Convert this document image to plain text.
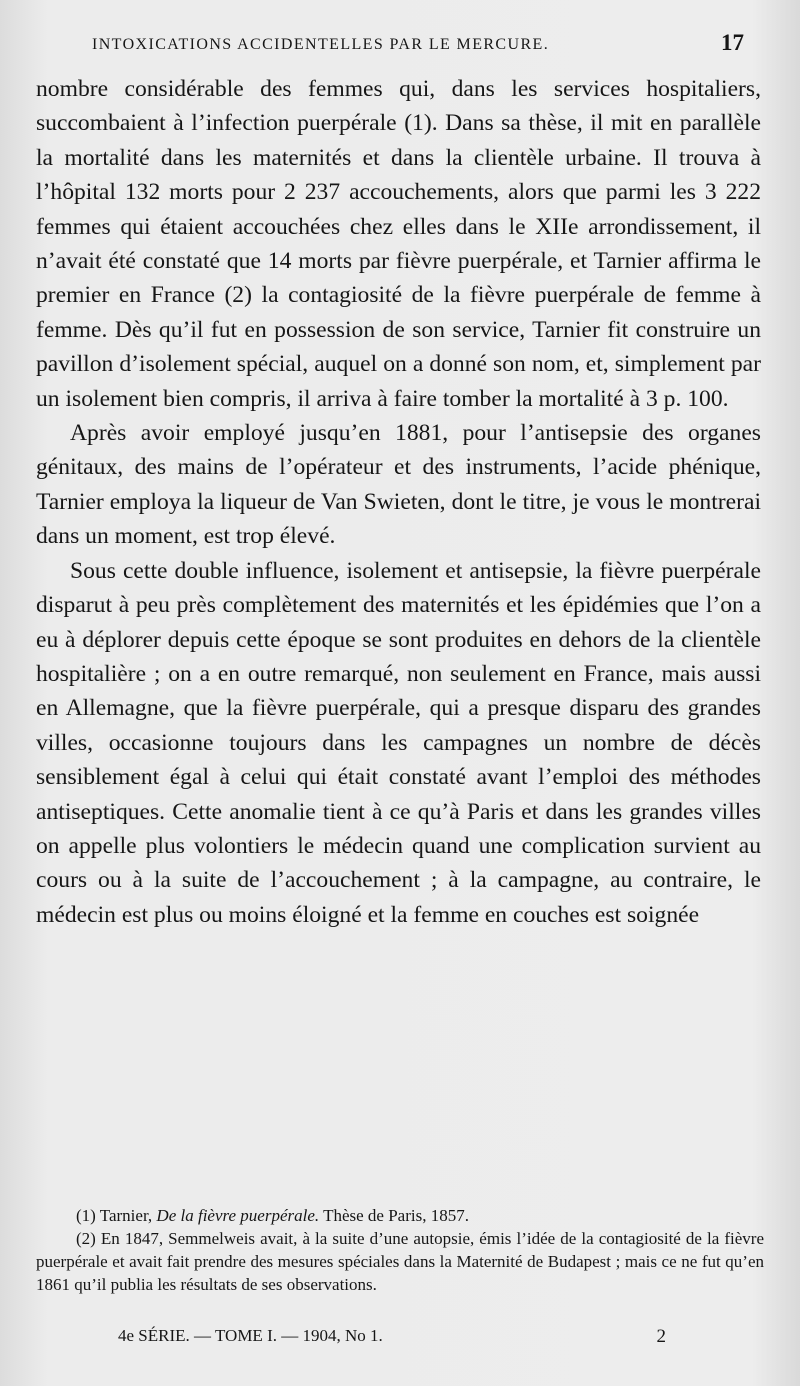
INTOXICATIONS ACCIDENTELLES PAR LE MERCURE.	17

nombre considérable des femmes qui, dans les services hospitaliers, succombaient à l’infection puerpérale (1). Dans sa thèse, il mit en parallèle la mortalité dans les maternités et dans la clientèle urbaine. Il trouva à l’hôpital 132 morts pour 2 237 accouchements, alors que parmi les 3 222 femmes qui étaient accouchées chez elles dans le XIIe arrondissement, il n’avait été constaté que 14 morts par fièvre puerpérale, et Tarnier affirma le premier en France (2) la contagiosité de la fièvre puerpérale de femme à femme. Dès qu’il fut en possession de son service, Tarnier fit construire un pavillon d’isolement spécial, auquel on a donné son nom, et, simplement par un isolement bien compris, il arriva à faire tomber la mortalité à 3 p. 100.

Après avoir employé jusqu’en 1881, pour l’antisepsie des organes génitaux, des mains de l’opérateur et des instruments, l’acide phénique, Tarnier employa la liqueur de Van Swieten, dont le titre, je vous le montrerai dans un moment, est trop élevé.

Sous cette double influence, isolement et antisepsie, la fièvre puerpérale disparut à peu près complètement des maternités et les épidémies que l’on a eu à déplorer depuis cette époque se sont produites en dehors de la clientèle hospitalière ; on a en outre remarqué, non seulement en France, mais aussi en Allemagne, que la fièvre puerpérale, qui a presque disparu des grandes villes, occasionne toujours dans les campagnes un nombre de décès sensiblement égal à celui qui était constaté avant l’emploi des méthodes antiseptiques. Cette anomalie tient à ce qu’à Paris et dans les grandes villes on appelle plus volontiers le médecin quand une complication survient au cours ou à la suite de l’accouchement ; à la campagne, au contraire, le médecin est plus ou moins éloigné et la femme en couches est soignée

(1) Tarnier, De la fièvre puerpérale. Thèse de Paris, 1857.

(2) En 1847, Semmelweis avait, à la suite d’une autopsie, émis l’idée de la contagiosité de la fièvre puerpérale et avait fait prendre des mesures spéciales dans la Maternité de Budapest ; mais ce ne fut qu’en 1861 qu’il publia les résultats de ses observations.

4e SÉRIE. — TOME I. — 1904, No 1.	2
